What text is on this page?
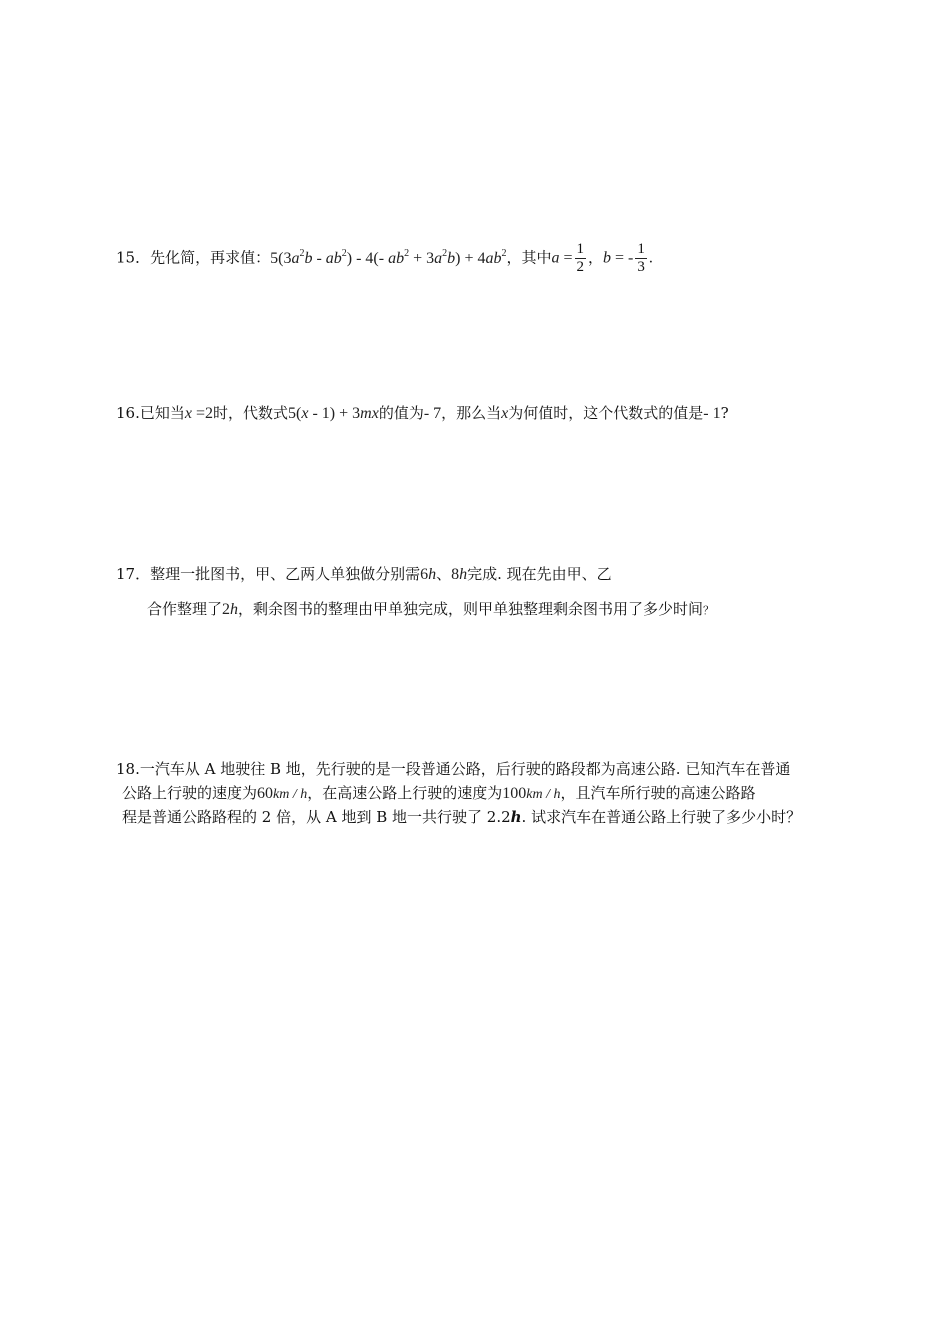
15．先化简，再求值：$5(3a^2b - ab^2) - 4(-$ $ab^2 + 3a^2b) + 4ab^2$，其中$a = \frac{1}{2}$ ，b = - $\frac{1}{3}$ .
16.已知当x =2时，代数式5(x - 1) + 3mx的值为- 7，那么当x为何值时，这个代数式的值是- 1?
17．整理一批图书，甲、乙两人单独做分别需6h、8h完成. 现在先由甲、乙
合作整理了2h，剩余图书的整理由甲单独完成，则甲单独整理剩余图书用了多少时间？
18.一汽车从 A 地驶往 B 地，先行驶的是一段普通公路，后行驶的路段都为高速公路. 已知汽车在普通
公路上行驶的速度为60km / h，在高速公路上行驶的速度为100km / h，且汽车所行驶的高速公路路
程是普通公路路程的 2 倍，从 A 地到 B 地一共行驶了 2.2h. 试求汽车在普通公路上行驶了多少小时？
